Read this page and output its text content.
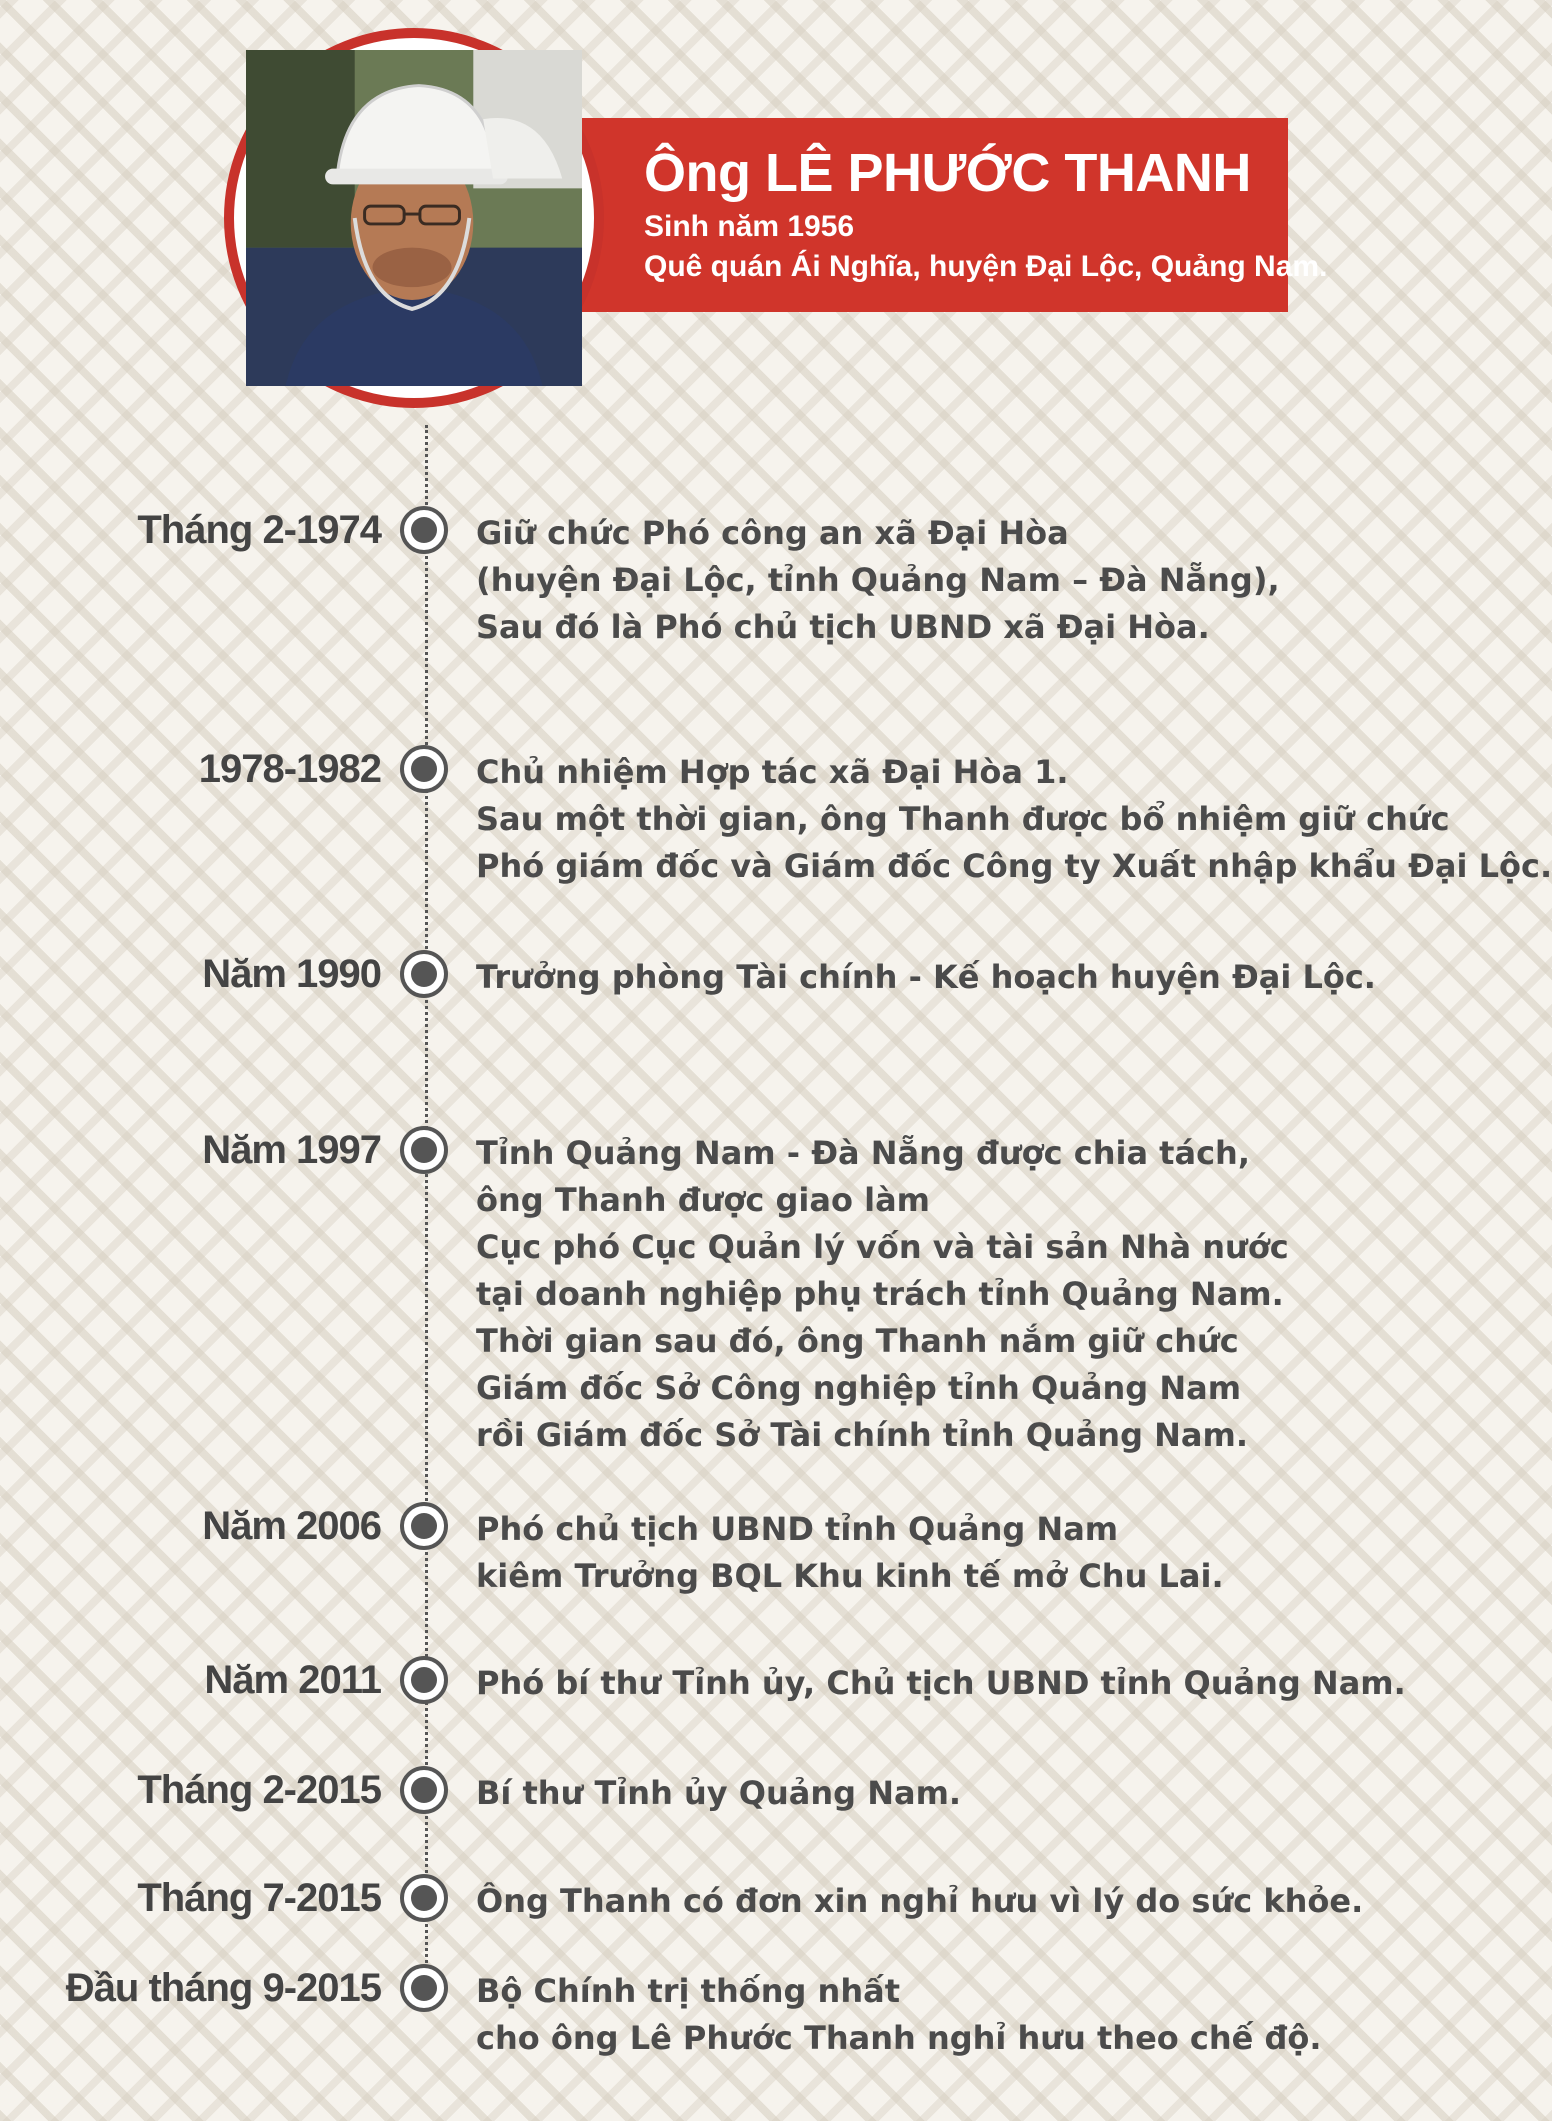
Ông LÊ PHƯỚC THANH
Sinh năm 1956
Quê quán Ái Nghĩa, huyện Đại Lộc, Quảng Nam.
Tháng 2-1974	Giữ chức Phó công an xã Đại Hòa
(huyện Đại Lộc, tỉnh Quảng Nam – Đà Nẵng),
Sau đó là Phó chủ tịch UBND xã Đại Hòa.
1978-1982	Chủ nhiệm Hợp tác xã Đại Hòa 1.
Sau một thời gian, ông Thanh được bổ nhiệm giữ chức
Phó giám đốc và Giám đốc Công ty Xuất nhập khẩu Đại Lộc.
Năm 1990	Trưởng phòng Tài chính - Kế hoạch huyện Đại Lộc.
Năm 1997	Tỉnh Quảng Nam - Đà Nẵng được chia tách,
ông Thanh được giao làm
Cục phó Cục Quản lý vốn và tài sản Nhà nước
tại doanh nghiệp phụ trách tỉnh Quảng Nam.
Thời gian sau đó, ông Thanh nắm giữ chức
Giám đốc Sở Công nghiệp tỉnh Quảng Nam
rồi Giám đốc Sở Tài chính tỉnh Quảng Nam.
Năm 2006	Phó chủ tịch UBND tỉnh Quảng Nam
kiêm Trưởng BQL Khu kinh tế mở Chu Lai.
Năm 2011	Phó bí thư Tỉnh ủy, Chủ tịch UBND tỉnh Quảng Nam.
Tháng 2-2015	Bí thư Tỉnh ủy Quảng Nam.
Tháng 7-2015	Ông Thanh có đơn xin nghỉ hưu vì lý do sức khỏe.
Đầu tháng 9-2015	Bộ Chính trị thống nhất
cho ông Lê Phước Thanh nghỉ hưu theo chế độ.
